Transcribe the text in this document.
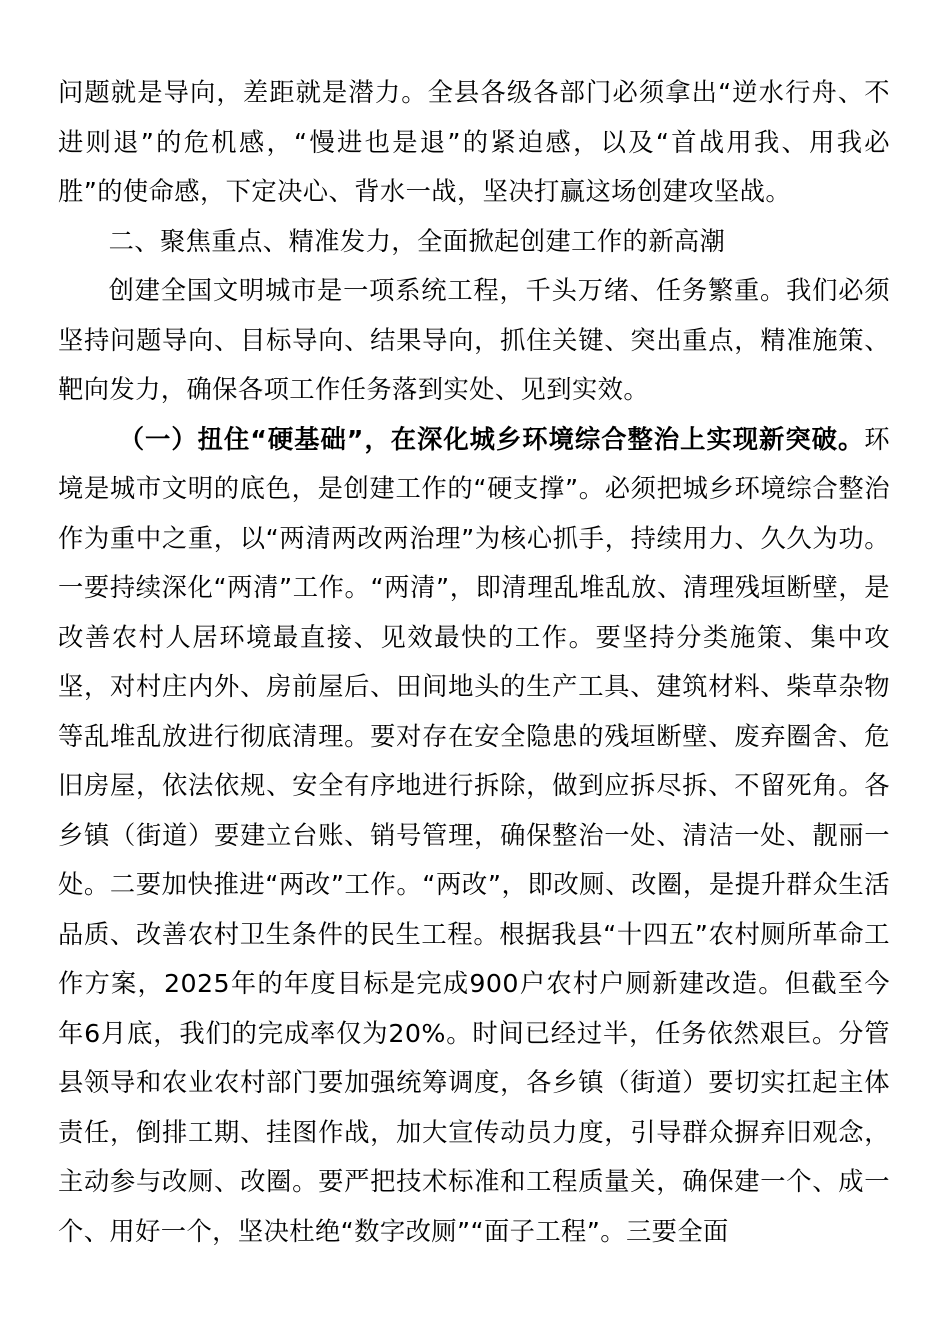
问题就是导向，差距就是潜力。全县各级各部门必须拿出“逆水行舟、不进则退”的危机感，“慢进也是退”的紧迫感，以及“首战用我、用我必胜”的使命感，下定决心、背水一战，坚决打赢这场创建攻坚战。

二、聚焦重点、精准发力，全面掀起创建工作的新高潮

创建全国文明城市是一项系统工程，千头万绪、任务繁重。我们必须坚持问题导向、目标导向、结果导向，抓住关键、突出重点，精准施策、靶向发力，确保各项工作任务落到实处、见到实效。

（一）扭住“硬基础”，在深化城乡环境综合整治上实现新突破。环境是城市文明的底色，是创建工作的“硬支撑”。必须把城乡环境综合整治作为重中之重，以“两清两改两治理”为核心抓手，持续用力、久久为功。一要持续深化“两清”工作。“两清”，即清理乱堆乱放、清理残垣断壁，是改善农村人居环境最直接、见效最快的工作。要坚持分类施策、集中攻坚，对村庄内外、房前屋后、田间地头的生产工具、建筑材料、柴草杂物等乱堆乱放进行彻底清理。要对存在安全隐患的残垣断壁、废弃圈舍、危旧房屋，依法依规、安全有序地进行拆除，做到应拆尽拆、不留死角。各乡镇（街道）要建立台账、销号管理，确保整治一处、清洁一处、靓丽一处。二要加快推进“两改”工作。“两改”，即改厕、改圈，是提升群众生活品质、改善农村卫生条件的民生工程。根据我县“十四五”农村厕所革命工作方案，2025年的年度目标是完成900户农村户厕新建改造。但截至今年6月底，我们的完成率仅为20%。时间已经过半，任务依然艰巨。分管县领导和农业农村部门要加强统筹调度，各乡镇（街道）要切实扛起主体责任，倒排工期、挂图作战，加大宣传动员力度，引导群众摒弃旧观念，主动参与改厕、改圈。要严把技术标准和工程质量关，确保建一个、成一个、用好一个，坚决杜绝“数字改厕”“面子工程”。三要全面
